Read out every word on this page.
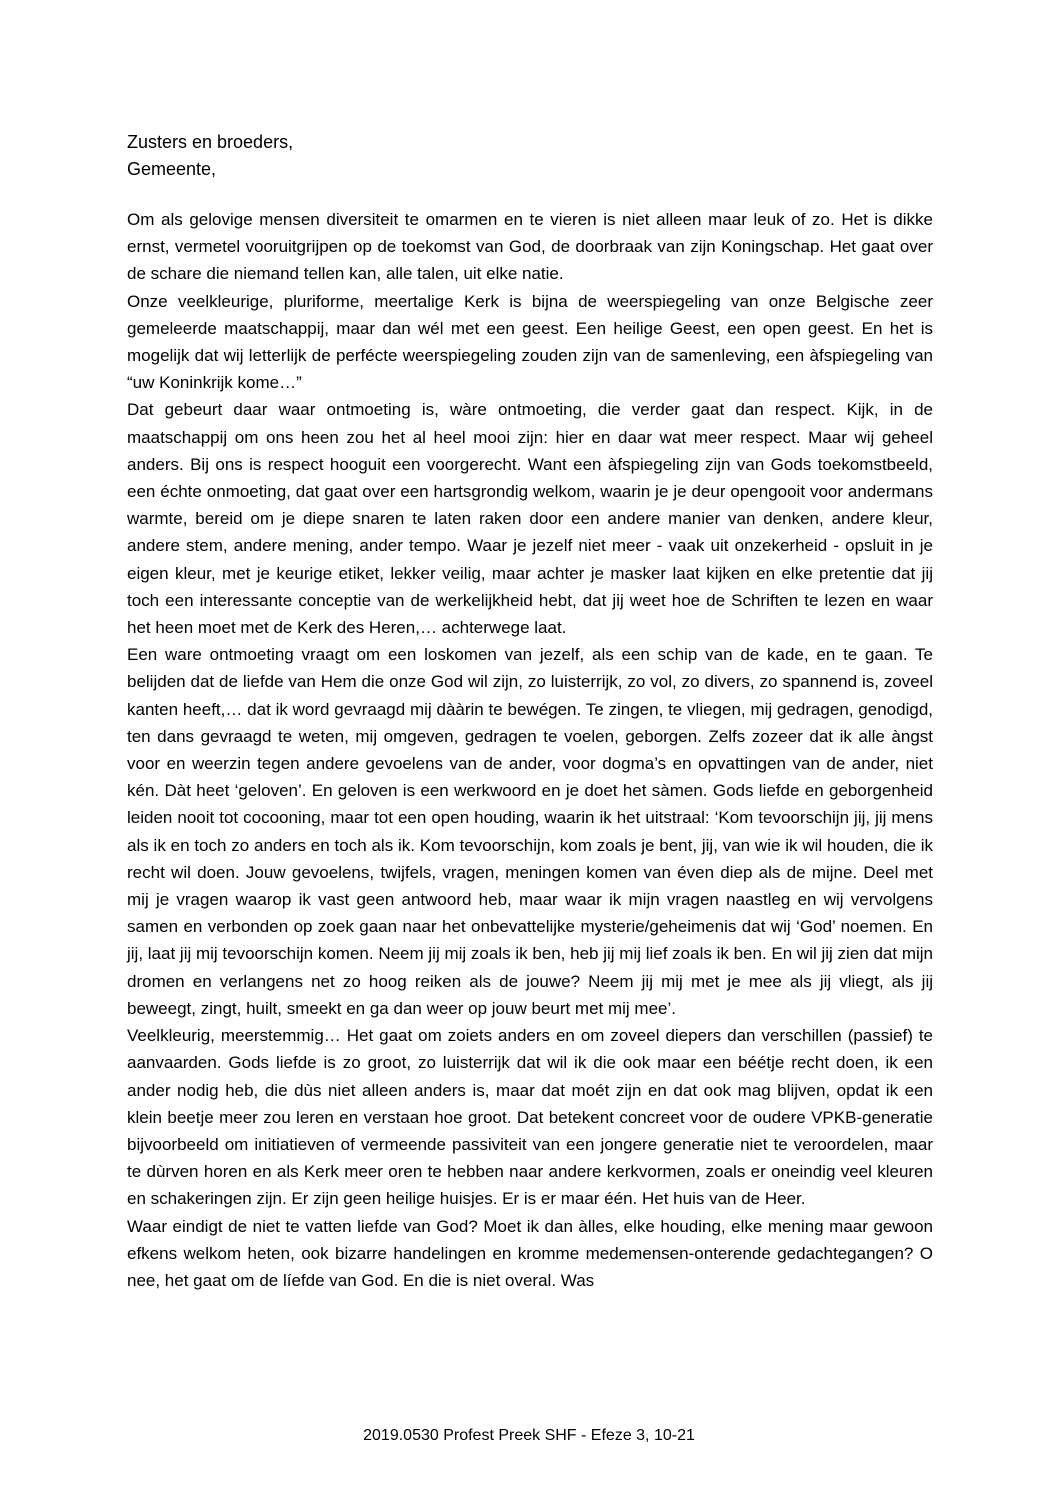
Zusters en broeders,
Gemeente,

Om als gelovige mensen diversiteit te omarmen en te vieren is niet alleen maar leuk of zo. Het is dikke ernst, vermetel vooruitgrijpen op de toekomst van God, de doorbraak van zijn Koningschap. Het gaat over de schare die niemand tellen kan, alle talen, uit elke natie.

Onze veelkleurige, pluriforme, meertalige Kerk is bijna de weerspiegeling van onze Belgische zeer gemeleerde maatschappij, maar dan wél met een geest. Een heilige Geest, een open geest. En het is mogelijk dat wij letterlijk de perfécte weerspiegeling zouden zijn van de samenleving, een àfspiegeling van “uw Koninkrijk kome…”

Dat gebeurt daar waar ontmoeting is, wàre ontmoeting, die verder gaat dan respect. Kijk, in de maatschappij om ons heen zou het al heel mooi zijn: hier en daar wat meer respect. Maar wij geheel anders. Bij ons is respect hooguit een voorgerecht. Want een àfspiegeling zijn van Gods toekomstbeeld, een échte onmoeting, dat gaat over een hartsgrondig welkom, waarin je je deur opengooit voor andermans warmte, bereid om je diepe snaren te laten raken door een andere manier van denken, andere kleur, andere stem, andere mening, ander tempo. Waar je jezelf niet meer - vaak uit onzekerheid - opsluit in je eigen kleur, met je keurige etiket, lekker veilig, maar achter je masker laat kijken en elke pretentie dat jij toch een interessante conceptie van de werkelijkheid hebt, dat jij weet hoe de Schriften te lezen en waar het heen moet met de Kerk des Heren,… achterwege laat.

Een ware ontmoeting vraagt om een loskomen van jezelf, als een schip van de kade, en te gaan. Te belijden dat de liefde van Hem die onze God wil zijn, zo luisterrijk, zo vol, zo divers, zo spannend is, zoveel kanten heeft,… dat ik word gevraagd mij dààrin te bewégen. Te zingen, te vliegen, mij gedragen, genodigd, ten dans gevraagd te weten, mij omgeven, gedragen te voelen, geborgen. Zelfs zozeer dat ik alle àngst voor en weerzin tegen andere gevoelens van de ander, voor dogma’s en opvattingen van de ander, niet kén. Dàt heet ‘geloven’. En geloven is een werkwoord en je doet het sàmen. Gods liefde en geborgenheid leiden nooit tot cocooning, maar tot een open houding, waarin ik het uitstraal: ‘Kom tevoorschijn jij, jij mens als ik en toch zo anders en toch als ik. Kom tevoorschijn, kom zoals je bent, jij, van wie ik wil houden, die ik recht wil doen. Jouw gevoelens, twijfels, vragen, meningen komen van éven diep als de mijne. Deel met mij je vragen waarop ik vast geen antwoord heb, maar waar ik mijn vragen naastleg en wij vervolgens samen en verbonden op zoek gaan naar het onbevattelijke mysterie/geheimenis dat wij ‘God’ noemen. En jij, laat jij mij tevoorschijn komen. Neem jij mij zoals ik ben, heb jij mij lief zoals ik ben. En wil jij zien dat mijn dromen en verlangens net zo hoog reiken als de jouwe? Neem jij mij met je mee als jij vliegt, als jij beweegt, zingt, huilt, smeekt en ga dan weer op jouw beurt met mij mee’.

Veelkleurig, meerstemmig… Het gaat om zoiets anders en om zoveel diepers dan verschillen (passief) te aanvaarden. Gods liefde is zo groot, zo luisterrijk dat wil ik die ook maar een béétje recht doen, ik een ander nodig heb, die dùs niet alleen anders is, maar dat moét zijn en dat ook mag blijven, opdat ik een klein beetje meer zou leren en verstaan hoe groot. Dat betekent concreet voor de oudere VPKB-generatie bijvoorbeeld om initiatieven of vermeende passiviteit van een jongere generatie niet te veroordelen, maar te dùrven horen en als Kerk meer oren te hebben naar andere kerkvormen, zoals er oneindig veel kleuren en schakeringen zijn. Er zijn geen heilige huisjes. Er is er maar één. Het huis van de Heer.

Waar eindigt de niet te vatten liefde van God? Moet ik dan àlles, elke houding, elke mening maar gewoon efkens welkom heten, ook bizarre handelingen en kromme medemensen-onterende gedachtegangen? O nee, het gaat om de líefde van God. En die is niet overal. Was

2019.0530 Profest Preek SHF - Efeze 3, 10-21
